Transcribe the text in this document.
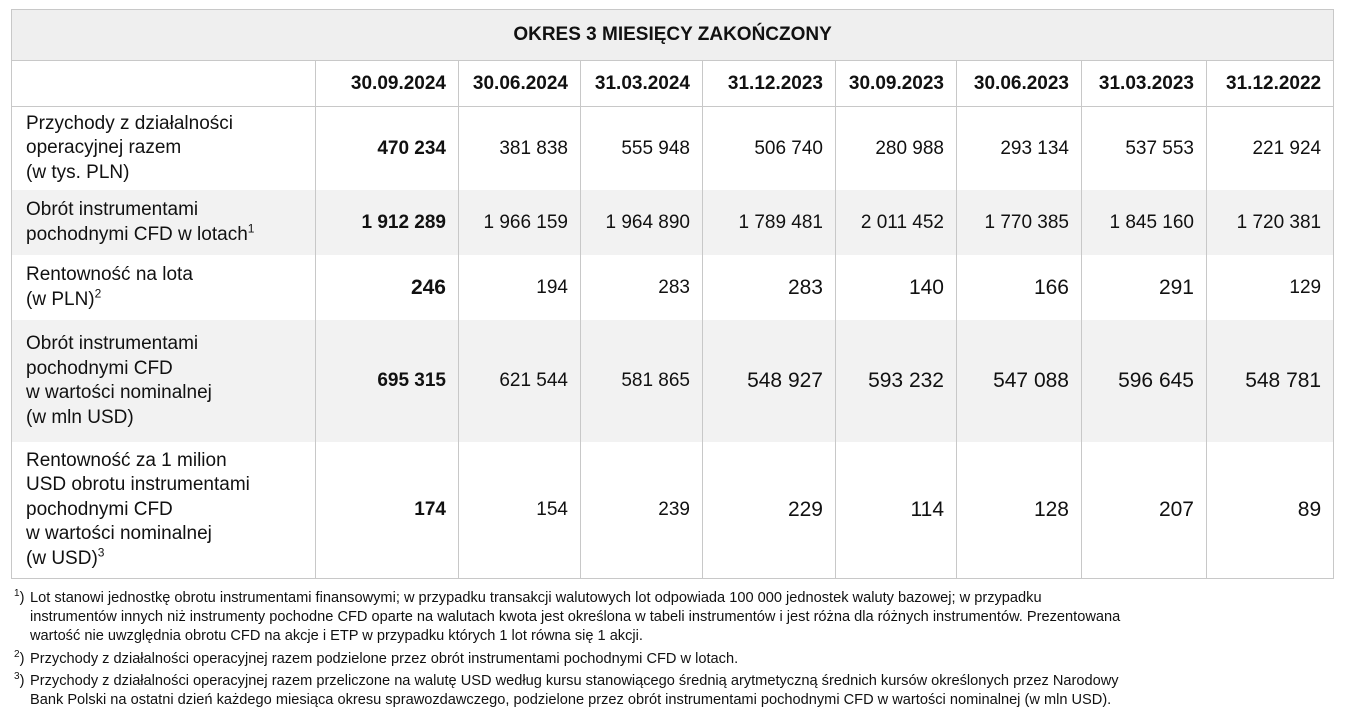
OKRES 3 MIESIĘCY ZAKOŃCZONY								
	30.09.2024	30.06.2024	31.03.2024	31.12.2023	30.09.2023	30.06.2023	31.03.2023	31.12.2022

Przychody z działalności
operacyjnej razem
(w tys. PLN)	470 234	381 838	555 948	506 740	280 988	293 134	537 553	221 924

Obrót instrumentami
pochodnymi CFD w lotach$^1$	1 912 289	1 966 159	1 964 890	1 789 481	2 011 452	1 770 385	1 845 160	1 720 381

Rentowność na lota
(w PLN)$^2$	246	194	283	283	140	166	291	129

Obrót instrumentami
pochodnymi CFD
w wartości nominalnej
(w mln USD)	695 315	621 544	581 865	548 927	593 232	547 088	596 645	548 781

Rentowność za 1 milion
USD obrotu instrumentami
pochodnymi CFD
w wartości nominalnej
(w USD)$^3$	174	154	239	229	114	128	207	89
$^1$) Lot stanowi jednostkę obrotu instrumentami finansowymi; w przypadku transakcji walutowych lot odpowiada 100 000 jednostek waluty bazowej; w przypadku
instrumentów innych niż instrumenty pochodne CFD oparte na walutach kwota jest określona w tabeli instrumentów i jest różna dla różnych instrumentów. Prezentowana
wartość nie uwzględnia obrotu CFD na akcje i ETP w przypadku których 1 lot równa się 1 akcji.
$^2$) Przychody z działalności operacyjnej razem podzielone przez obrót instrumentami pochodnymi CFD w lotach.
$^3$) Przychody z działalności operacyjnej razem przeliczone na walutę USD według kursu stanowiącego średnią arytmetyczną średnich kursów określonych przez Narodowy
Bank Polski na ostatni dzień każdego miesiąca okresu sprawozdawczego, podzielone przez obrót instrumentami pochodnymi CFD w wartości nominalnej (w mln USD).
